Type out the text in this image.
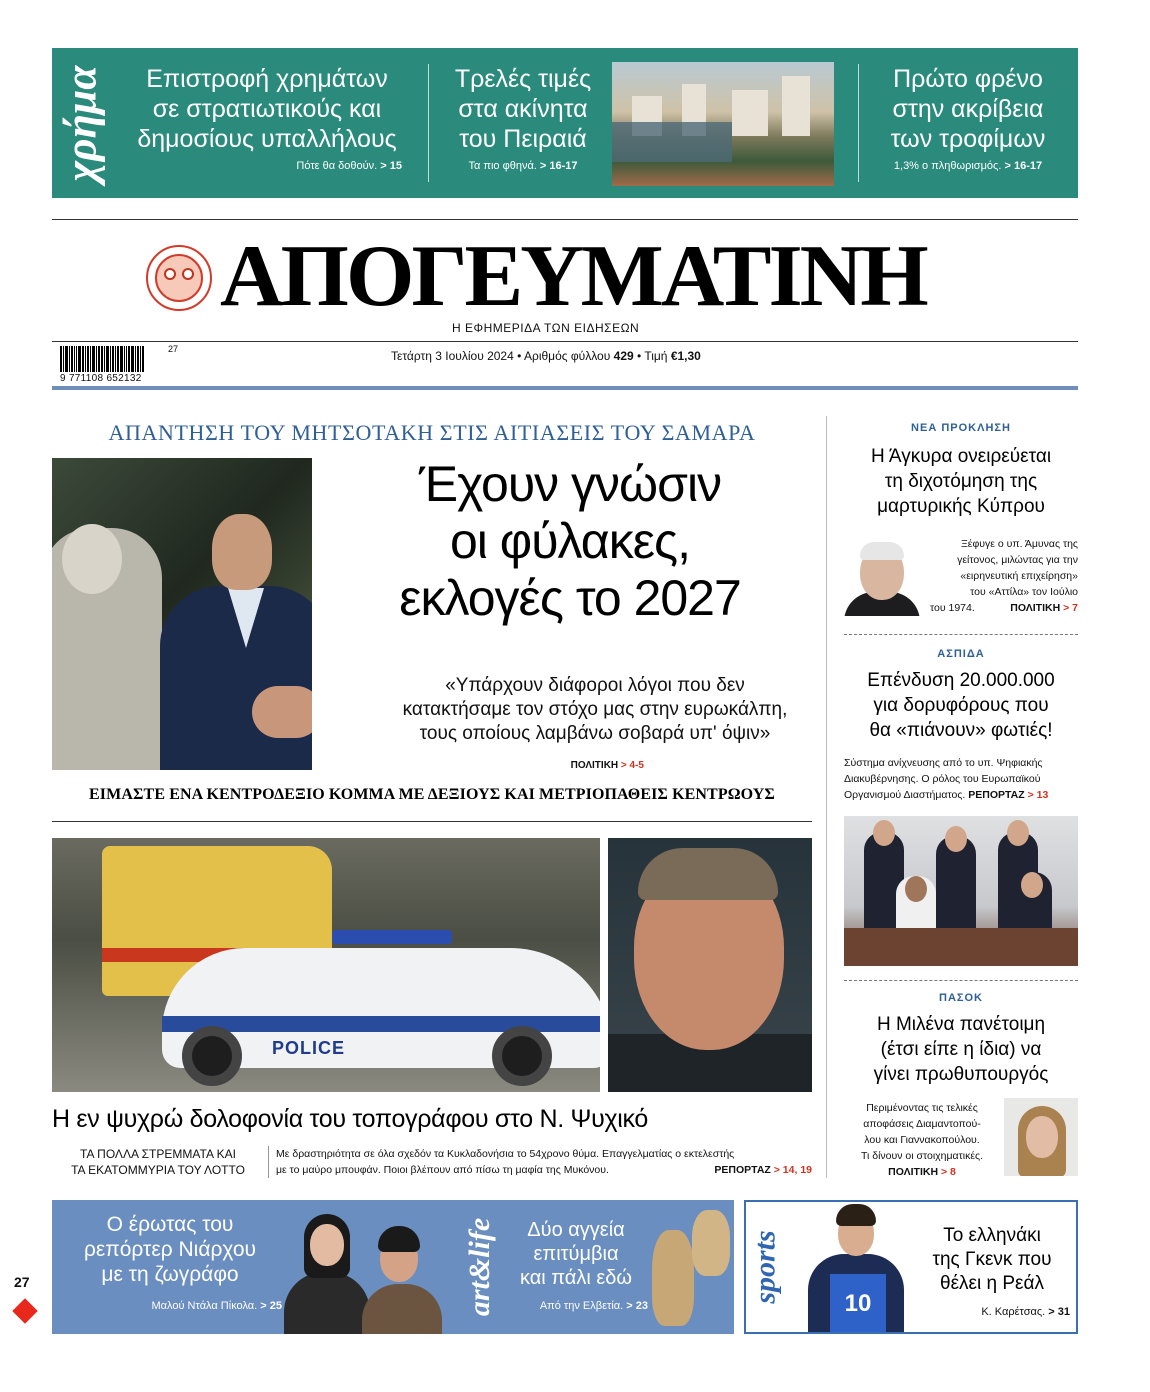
χρήμα	Επιστροφή χρημάτων
σε στρατιωτικούς και
δημοσίους υπαλλήλους
Πότε θα δοθούν. > 15
Τρελές τιμές
στα ακίνητα
του Πειραιά
Τα πιο φθηνά. > 16-17
Πρώτο φρένο
στην ακρίβεια
των τροφίμων
1,3% ο πληθωρισμός. > 16-17
ΑΠΟΓΕΥΜΑΤΙΝΗ
Η ΕΦΗΜΕΡΙΔΑ ΤΩΝ ΕΙΔΗΣΕΩΝ
9 771108 652132
27	Τετάρτη 3 Ιουλίου 2024 • Αριθμός φύλλου 429 • Τιμή €1,30
ΑΠΑΝΤΗΣΗ ΤΟΥ ΜΗΤΣΟΤΑΚΗ ΣΤΙΣ ΑΙΤΙΑΣΕΙΣ ΤΟΥ ΣΑΜΑΡΑ
Έχουν γνώσιν
οι φύλακες,
εκλογές το 2027
«Υπάρχουν διάφοροι λόγοι που δεν
κατακτήσαμε τον στόχο μας στην ευρωκάλπη,
τους οποίους λαμβάνω σοβαρά υπ' όψιν»
ΠΟΛΙΤΙΚΗ > 4-5
ΕΙΜΑΣΤΕ ΕΝΑ ΚΕΝΤΡΟΔΕΞΙΟ ΚΟΜΜΑ ΜΕ ΔΕΞΙΟΥΣ ΚΑΙ ΜΕΤΡΙΟΠΑΘΕΙΣ ΚΕΝΤΡΩΟΥΣ
POLICE
Η εν ψυχρώ δολοφονία του τοπογράφου στο Ν. Ψυχικό
ΤΑ ΠΟΛΛΑ ΣΤΡΕΜΜΑΤΑ ΚΑΙ
ΤΑ ΕΚΑΤΟΜΜΥΡΙΑ ΤΟΥ ΛΟΤΤΟ
Με δραστηριότητα σε όλα σχεδόν τα Κυκλαδονήσια το 54χρονο θύμα. Επαγγελματίας ο εκτελεστής
με το μαύρο μπουφάν. Ποιοι βλέπουν από πίσω τη μαφία της Μυκόνου.	ΡΕΠΟΡΤΑΖ > 14, 19
ΝΕΑ ΠΡΟΚΛΗΣΗ
Η Άγκυρα ονειρεύεται
τη διχοτόμηση της
μαρτυρικής Κύπρου
Ξέφυγε ο υπ. Άμυνας της
γείτονος, μιλώντας για την
«ειρηνευτική επιχείρηση»
του «Αττίλα» τον Ιούλιο
του 1974.	ΠΟΛΙΤΙΚΗ > 7
ΑΣΠΙΔΑ
Επένδυση 20.000.000
για δορυφόρους που
θα «πιάνουν» φωτιές!
Σύστημα ανίχνευσης από το υπ. Ψηφιακής
Διακυβέρνησης. Ο ρόλος του Ευρωπαϊκού
Οργανισμού Διαστήματος. ΡΕΠΟΡΤΑΖ > 13
ΠΑΣΟΚ
Η Μιλένα πανέτοιμη
(έτσι είπε η ίδια) να
γίνει πρωθυπουργός
Περιμένοντας τις τελικές
αποφάσεις Διαμαντοπού-
λου και Γιαννακοπούλου.
Τι δίνουν οι στοιχηματικές.
ΠΟΛΙΤΙΚΗ > 8
Ο έρωτας του
ρεπόρτερ Νιάρχου
με τη ζωγράφο
Μαλού Ντάλα Πίκολα. > 25	art&life	Δύο αγγεία
επιτύμβια
και πάλι εδώ
Από την Ελβετία. > 23
sports	10
Το ελληνάκι
της Γκενκ που
θέλει η Ρεάλ
Κ. Καρέτσας. > 31
27
